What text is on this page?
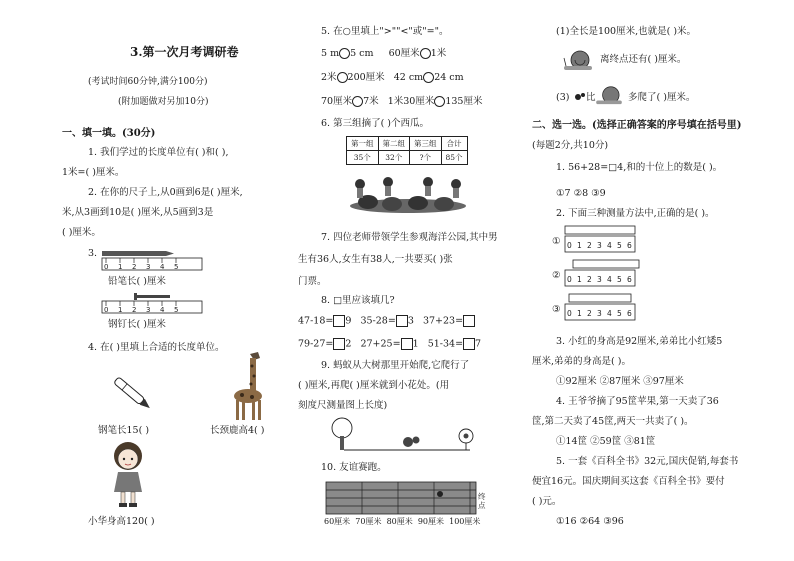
3.第一次月考调研卷
(考试时间60分钟,满分100分)
(附加题做对另加10分)
一、填一填。(30分)
1. 我们学过的长度单位有( )和( ),
1米=( )厘米。
2. 在你的尺子上,从0画到6是( )厘米,
米,从3画到10是( )厘米,从5画到3是
( )厘米。
3.
0 1 2 3 4 5
铅笔长( )厘米
0 1 2 3 4 5
钢钉长( )厘米
4. 在( )里填上合适的长度单位。
钢笔长15( )	长颈鹿高4( )
小华身高120( )
5. 在○里填上">""<"或"="。
5 m 5 cm 60厘米 1米
2米 200厘米 42 cm 24 cm
70厘米 7米 1米30厘米 135厘米
6. 第三组摘了( )个西瓜。
第一组	第二组	第三组	合计
35个	32个	?个	85个
7. 四位老师带领学生参观海洋公园,其中男
生有36人,女生有38人,一共要买( )张
门票。
8. □里应该填几?
47-18= 9 35-28= 3 37+23=
79-27= 2 27+25= 1 51-34= 7
9. 蚂蚁从大树那里开始爬,它爬行了
( )厘米,再爬( )厘米就到小花处。(用
刻度尺测量图上长度)
10. 友谊赛跑。
终点
60厘米 70厘米 80厘米 90厘米 100厘米
(1)全长是100厘米,也就是( )米。
离终点还有( )厘米。
(3) 比	多爬了( )厘米。
二、选一选。(选择正确答案的序号填在括号里)
(每题2分,共10分)
1. 56+28=□4,和的十位上的数是( )。
①7 ②8 ③9
2. 下面三种测量方法中,正确的是( )。
① 0 1 2 3 4 5 6
② 0 1 2 3 4 5 6
③ 0 1 2 3 4 5 6
3. 小红的身高是92厘米,弟弟比小红矮5
厘米,弟弟的身高是( )。
①92厘米 ②87厘米 ③97厘米
4. 王爷爷摘了95筐苹果,第一天卖了36
筐,第二天卖了45筐,两天一共卖了( )。
①14筐 ②59筐 ③81筐
5. 一套《百科全书》32元,国庆促销,每套书
便宜16元。国庆期间买这套《百科全书》要付
( )元。
①16 ②64 ③96
